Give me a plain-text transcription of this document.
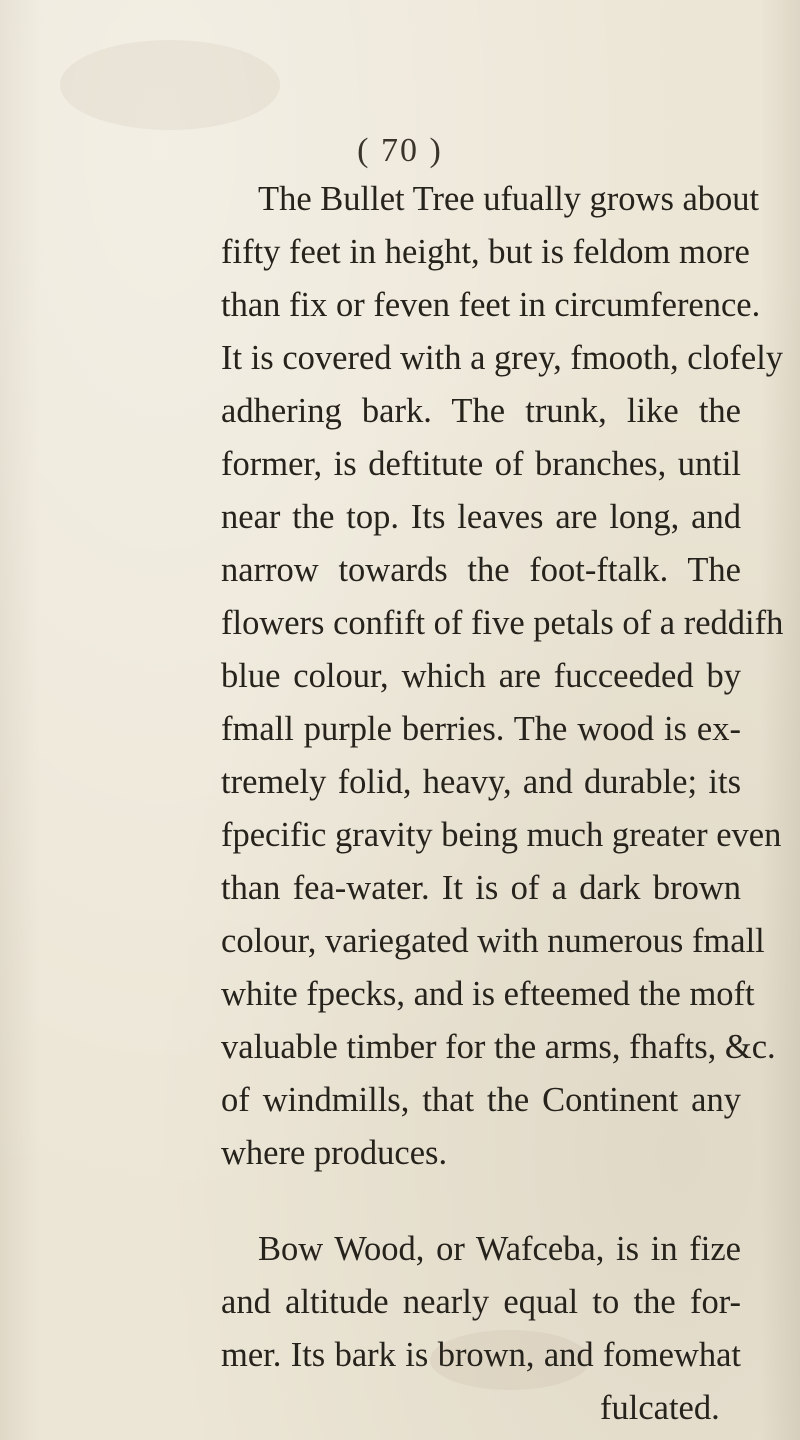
( 70 )
The Bullet Tree ufually grows about
fifty feet in height, but is feldom more
than fix or feven feet in circumference.
It is covered with a grey, fmooth, clofely
adhering bark. The trunk, like the
former, is deftitute of branches, until
near the top. Its leaves are long, and
narrow towards the foot-ftalk. The
flowers confift of five petals of a reddifh
blue colour, which are fucceeded by
fmall purple berries. The wood is ex-
tremely folid, heavy, and durable; its
fpecific gravity being much greater even
than fea-water. It is of a dark brown
colour, variegated with numerous fmall
white fpecks, and is efteemed the moft
valuable timber for the arms, fhafts, &c.
of windmills, that the Continent any
where produces.
Bow Wood, or Wafceba, is in fize
and altitude nearly equal to the for-
mer. Its bark is brown, and fomewhat
fulcated.
